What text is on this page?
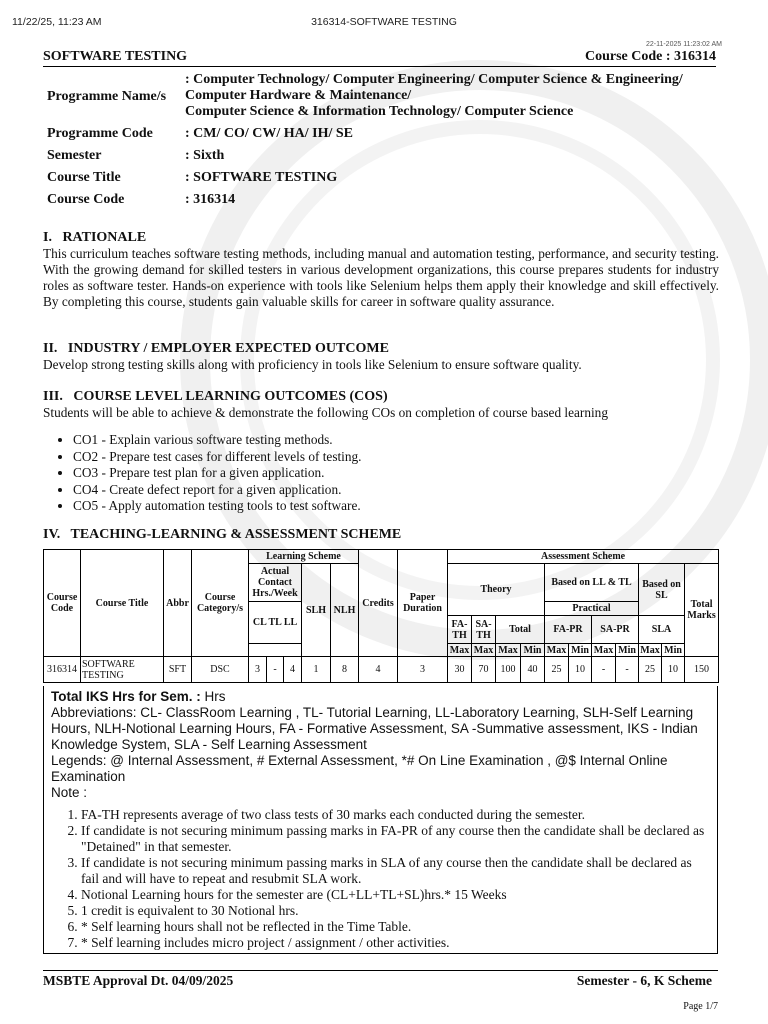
11/22/25, 11:23 AM	316314-SOFTWARE TESTING
22-11-2025 11:23:02 AM
SOFTWARE TESTING	Course Code : 316314
Programme Name/s
: Computer Technology/ Computer Engineering/ Computer Science & Engineering/
Computer Hardware & Maintenance/
Computer Science & Information Technology/ Computer Science
Programme Code	: CM/ CO/ CW/ HA/ IH/ SE
Semester	: Sixth
Course Title	: SOFTWARE TESTING
Course Code	: 316314
I.   RATIONALE
This curriculum teaches software testing methods, including manual and automation testing, performance, and security testing. With the growing demand for skilled testers in various development organizations, this course prepares students for industry roles as software tester. Hands-on experience with tools like Selenium helps them apply their knowledge and skill effectively. By completing this course, students gain valuable skills for career in software quality assurance.
II.   INDUSTRY / EMPLOYER EXPECTED OUTCOME
Develop strong testing skills along with proficiency in tools like Selenium to ensure software quality.
III.   COURSE LEVEL LEARNING OUTCOMES (COS)
Students will be able to achieve & demonstrate the following COs on completion of course based learning
• CO1 - Explain various software testing methods.
• CO2 - Prepare test cases for different levels of testing.
• CO3 - Prepare test plan for a given application.
• CO4 - Create defect report for a given application.
• CO5 - Apply automation testing tools to test software.
IV.   TEACHING-LEARNING & ASSESSMENT SCHEME
Course Code	Course Title	Abbr	Course Category/s	Learning Scheme					Credits	Paper Duration	Assessment Scheme										
				Actual Contact Hrs./Week			SLH	NLH			Theory				Based on LL & TL				Based on SL		Total Marks
				CL TL LL											Practical						
											FA-TH	SA-TH	Total		FA-PR		SA-PR		SLA		
											Max	Max	Max	Min	Max	Min	Max	Min	Max	Min	
316314	SOFTWARE TESTING	SFT	DSC	3	-	4	1	8	4	3	30	70	100	40	25	10	-	-	25	10	150
Total IKS Hrs for Sem. : Hrs
Abbreviations: CL- ClassRoom Learning , TL- Tutorial Learning, LL-Laboratory Learning, SLH-Self Learning Hours, NLH-Notional Learning Hours, FA - Formative Assessment, SA -Summative assessment, IKS - Indian Knowledge System, SLA - Self Learning Assessment
Legends: @ Internal Assessment, # External Assessment, *# On Line Examination , @$ Internal Online Examination
Note :
1. FA-TH represents average of two class tests of 30 marks each conducted during the semester.
2. If candidate is not securing minimum passing marks in FA-PR of any course then the candidate shall be declared as "Detained" in that semester.
3. If candidate is not securing minimum passing marks in SLA of any course then the candidate shall be declared as fail and will have to repeat and resubmit SLA work.
4. Notional Learning hours for the semester are (CL+LL+TL+SL)hrs.* 15 Weeks
5. 1 credit is equivalent to 30 Notional hrs.
6. * Self learning hours shall not be reflected in the Time Table.
7. * Self learning includes micro project / assignment / other activities.
MSBTE Approval Dt. 04/09/2025	Semester - 6, K Scheme
Page 1/7
